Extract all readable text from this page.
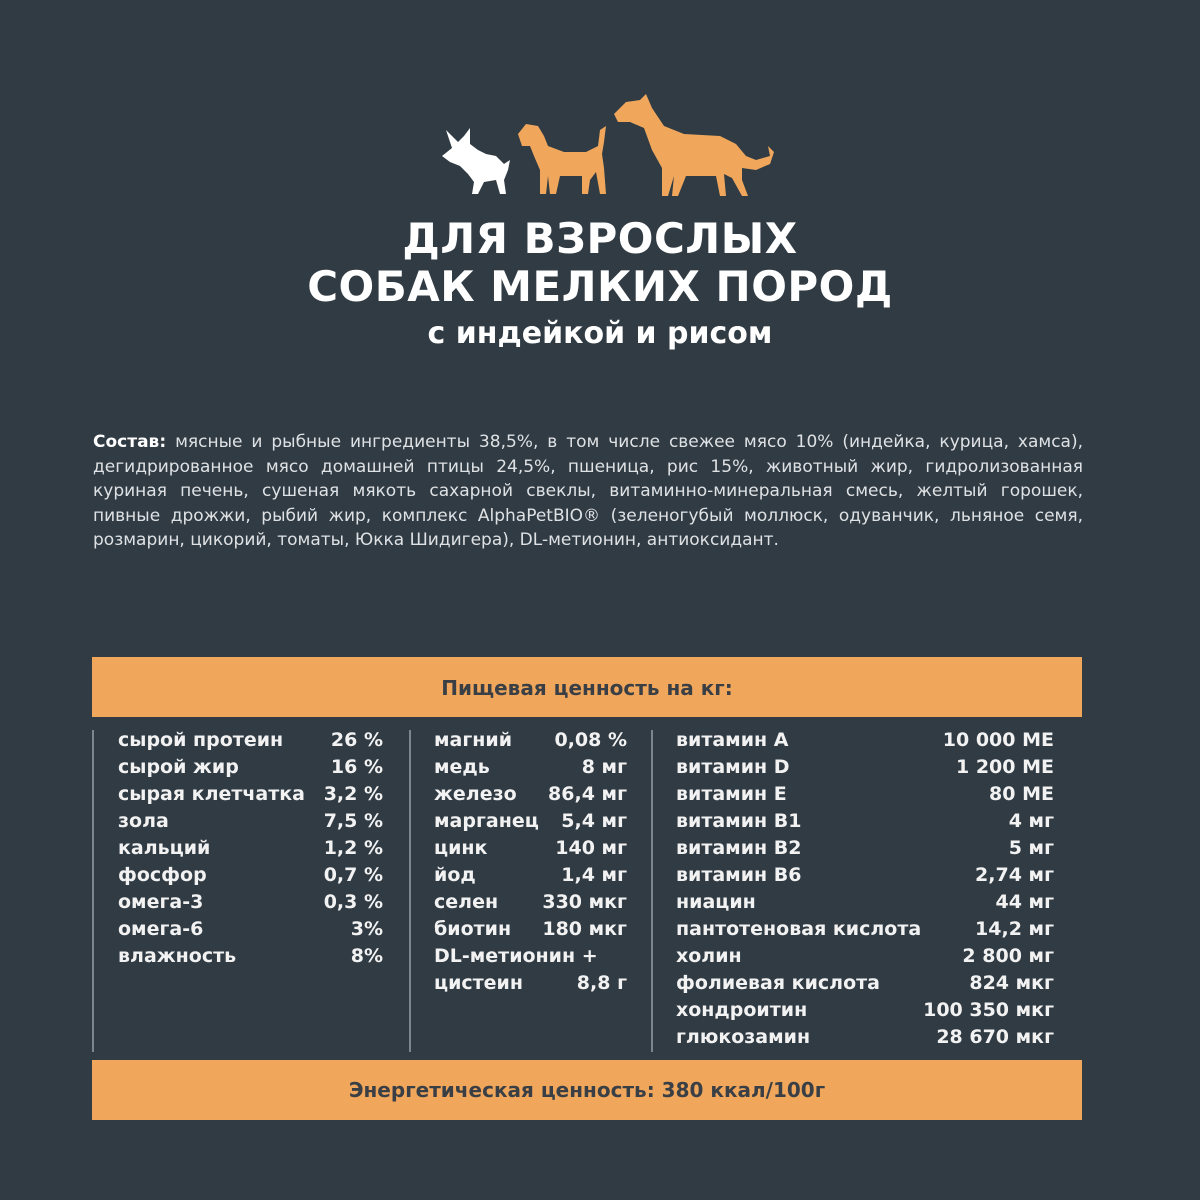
ДЛЯ ВЗРОСЛЫХ
СОБАК МЕЛКИХ ПОРОД
с индейкой и рисом
Состав: мясные и рыбные ингредиенты 38,5%, в том числе свежее мясо 10% (индейка, курица, хамса), дегидрированное мясо домашней птицы 24,5%, пшеница, рис 15%, животный жир, гидролизованная куриная печень, сушеная мякоть сахарной свеклы, витаминно-минеральная смесь, желтый горошек, пивные дрожжи, рыбий жир, комплекс AlphaPetBIO® (зеленогубый моллюск, одуванчик, льняное семя, розмарин, цикорий, томаты, Юкка Шидигера), DL-метионин, антиоксидант.
Пищевая ценность на кг:
сырой протеин	26 %
сырой жир	16 %
сырая клетчатка 3,2 %
зола	7,5 %
кальций	1,2 %
фосфор	0,7 %
омега-3	0,3 %
омега-6	3%
влажность	8%
магний 0,08 %
медь	8 мг
железо 86,4 мг
марганец 5,4 мг
цинк	140 мг
йод	1,4 мг
селен 330 мкг
биотин 180 мкг
DL-метионин +
цистеин	8,8 г
витамин А	10 000 МЕ
витамин D	1 200 МЕ
витамин Е	80 МЕ
витамин В1	4 мг
витамин В2	5 мг
витамин В6	2,74 мг
ниацин	44 мг
пантотеновая кислота	14,2 мг
холин	2 800 мг
фолиевая кислота	824 мкг
хондроитин	100 350 мкг
глюкозамин	28 670 мкг
Энергетическая ценность: 380 ккал/100г
